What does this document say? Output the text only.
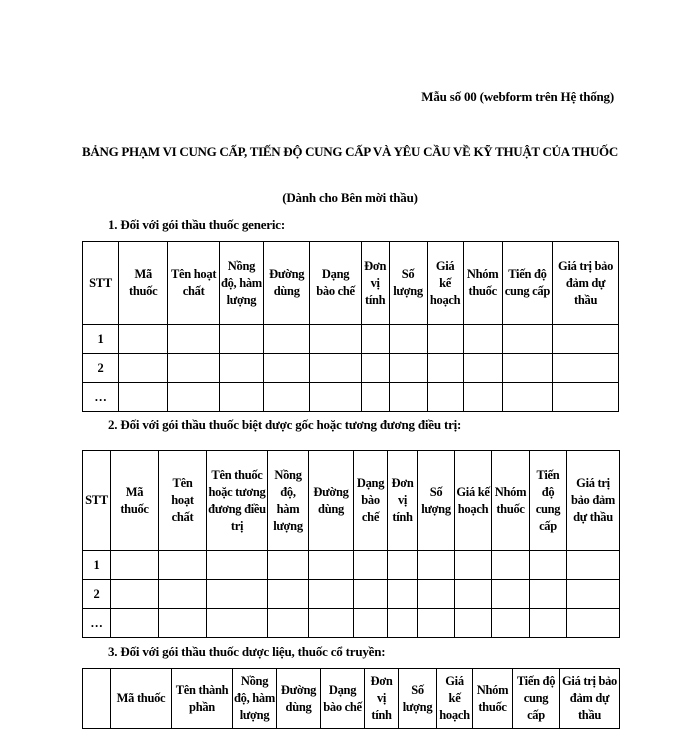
Mẫu số 00 (webform trên Hệ thống)
BẢNG PHẠM VI CUNG CẤP, TIẾN ĐỘ CUNG CẤP VÀ YÊU CẦU VỀ KỸ THUẬT CỦA THUỐC
(Dành cho Bên mời thầu)
1. Đối với gói thầu thuốc generic:
STT	Mã thuốc	Tên hoạt chất	Nồng độ, hàm lượng	Đường dùng	Dạng bào chế	Đơn vị tính	Số lượng	Giá kế hoạch	Nhóm thuốc	Tiến độ cung cấp	Giá trị bảo đảm dự thầu
1											
2											
…											
2. Đối với gói thầu thuốc biệt dược gốc hoặc tương đương điều trị:
STT	Mã thuốc	Tên hoạt chất	Tên thuốc hoặc tương đương điều trị	Nồng độ, hàm lượng	Đường dùng	Dạng bào chế	Đơn vị tính	Số lượng	Giá kế hoạch	Nhóm thuốc	Tiến độ cung cấp	Giá trị bảo đảm dự thầu
1												
2												
…												
3. Đối với gói thầu thuốc dược liệu, thuốc cổ truyền:
	Mã thuốc	Tên thành phần	Nồng độ, hàm lượng	Đường dùng	Dạng bào chế	Đơn vị tính	Số lượng	Giá kế hoạch	Nhóm thuốc	Tiến độ cung cấp	Giá trị bảo đảm dự thầu
